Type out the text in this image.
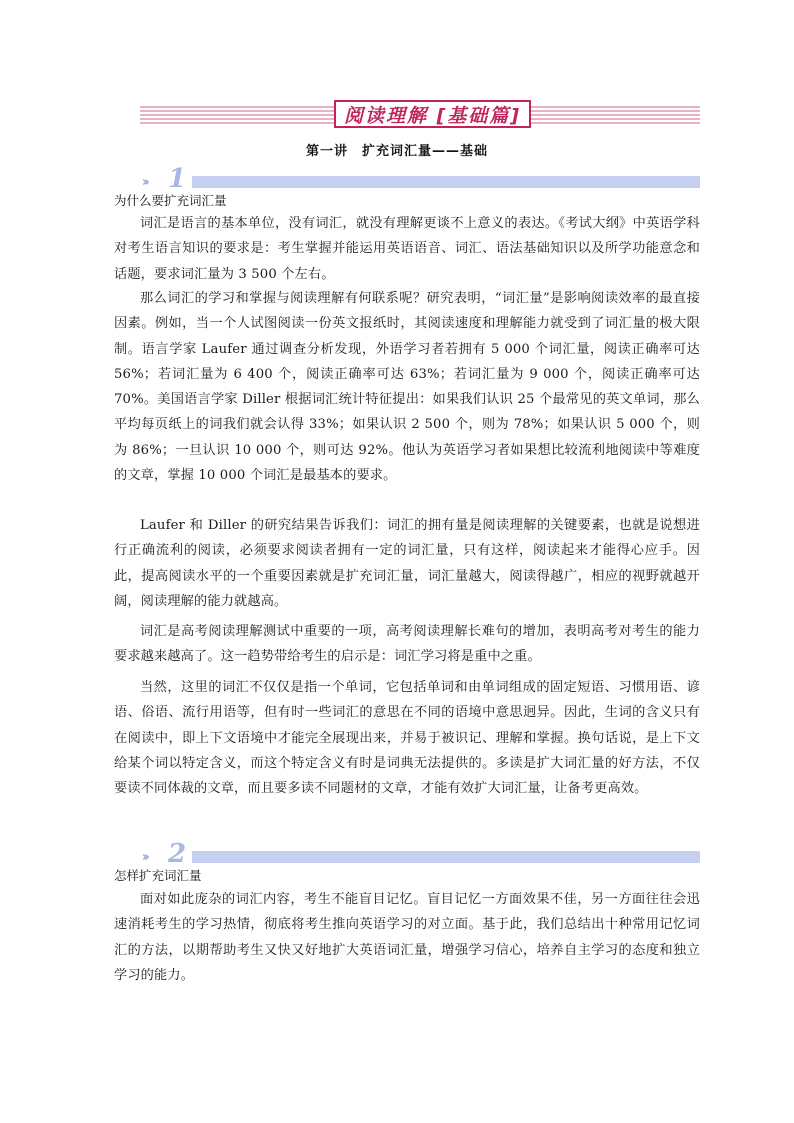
阅读理解 [基础篇]
第一讲　扩充词汇量——基础
›› 1
为什么要扩充词汇量

词汇是语言的基本单位，没有词汇，就没有理解更谈不上意义的表达。《考试大纲》中英语学科对考生语言知识的要求是：考生掌握并能运用英语语音、词汇、语法基础知识以及所学功能意念和话题，要求词汇量为 3 500 个左右。

那么词汇的学习和掌握与阅读理解有何联系呢？研究表明，“词汇量”是影响阅读效率的最直接因素。例如，当一个人试图阅读一份英文报纸时，其阅读速度和理解能力就受到了词汇量的极大限制。语言学家 Laufer 通过调查分析发现，外语学习者若拥有 5 000 个词汇量，阅读正确率可达 56%；若词汇量为 6 400 个，阅读正确率可达 63%；若词汇量为 9 000 个，阅读正确率可达 70%。美国语言学家 Diller 根据词汇统计特征提出：如果我们认识 25 个最常见的英文单词，那么平均每页纸上的词我们就会认得 33%；如果认识 2 500 个，则为 78%；如果认识 5 000 个，则为 86%；一旦认识 10 000 个，则可达 92%。他认为英语学习者如果想比较流利地阅读中等难度的文章，掌握 10 000 个词汇是最基本的要求。

Laufer 和 Diller 的研究结果告诉我们：词汇的拥有量是阅读理解的关键要素，也就是说想进行正确流利的阅读，必须要求阅读者拥有一定的词汇量，只有这样，阅读起来才能得心应手。因此，提高阅读水平的一个重要因素就是扩充词汇量，词汇量越大，阅读得越广，相应的视野就越开阔，阅读理解的能力就越高。

词汇是高考阅读理解测试中重要的一项，高考阅读理解长难句的增加，表明高考对考生的能力要求越来越高了。这一趋势带给考生的启示是：词汇学习将是重中之重。

当然，这里的词汇不仅仅是指一个单词，它包括单词和由单词组成的固定短语、习惯用语、谚语、俗语、流行用语等，但有时一些词汇的意思在不同的语境中意思迥异。因此，生词的含义只有在阅读中，即上下文语境中才能完全展现出来，并易于被识记、理解和掌握。换句话说，是上下文给某个词以特定含义，而这个特定含义有时是词典无法提供的。多读是扩大词汇量的好方法，不仅要读不同体裁的文章，而且要多读不同题材的文章，才能有效扩大词汇量，让备考更高效。

›› 2
怎样扩充词汇量

面对如此庞杂的词汇内容，考生不能盲目记忆。盲目记忆一方面效果不佳，另一方面往往会迅速消耗考生的学习热情，彻底将考生推向英语学习的对立面。基于此，我们总结出十种常用记忆词汇的方法，以期帮助考生又快又好地扩大英语词汇量，增强学习信心，培养自主学习的态度和独立学习的能力。
